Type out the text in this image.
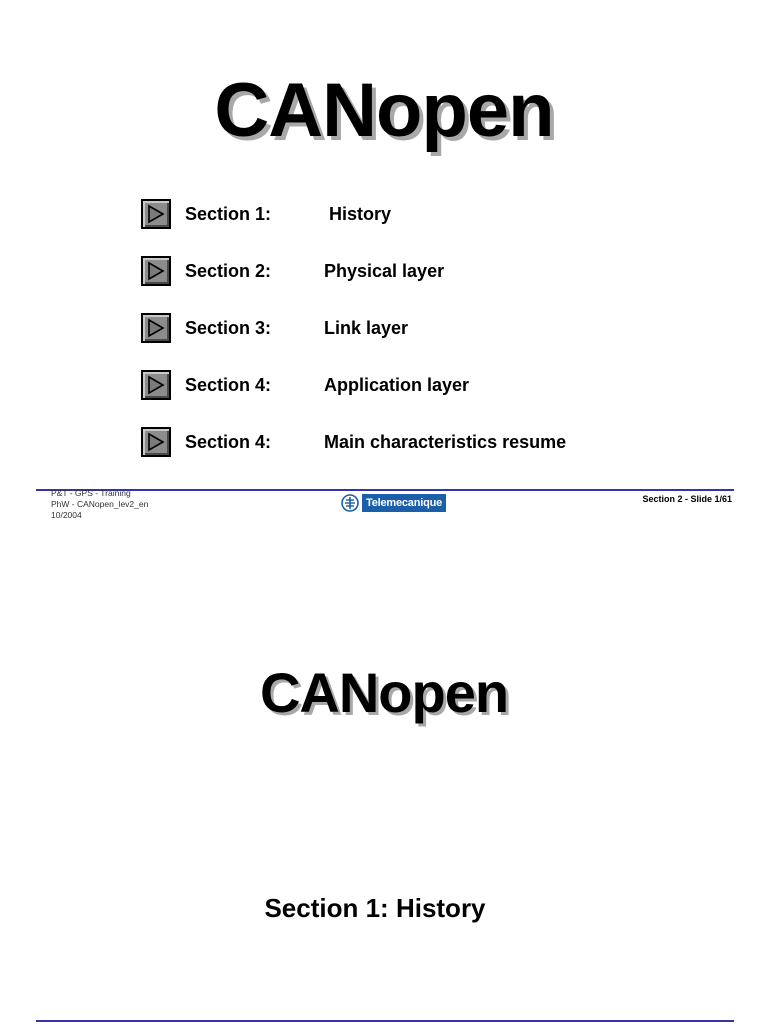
CANopen
Section 1:	History
Section 2:	Physical layer
Section 3:	Link layer
Section 4:	Application layer
Section 4:	Main characteristics resume
P&T - GPS - Training
PhW - CANopen_lev2_en
10/2004
Telemecanique	Section 2 - Slide 1/61
CANopen
Section 1: History
